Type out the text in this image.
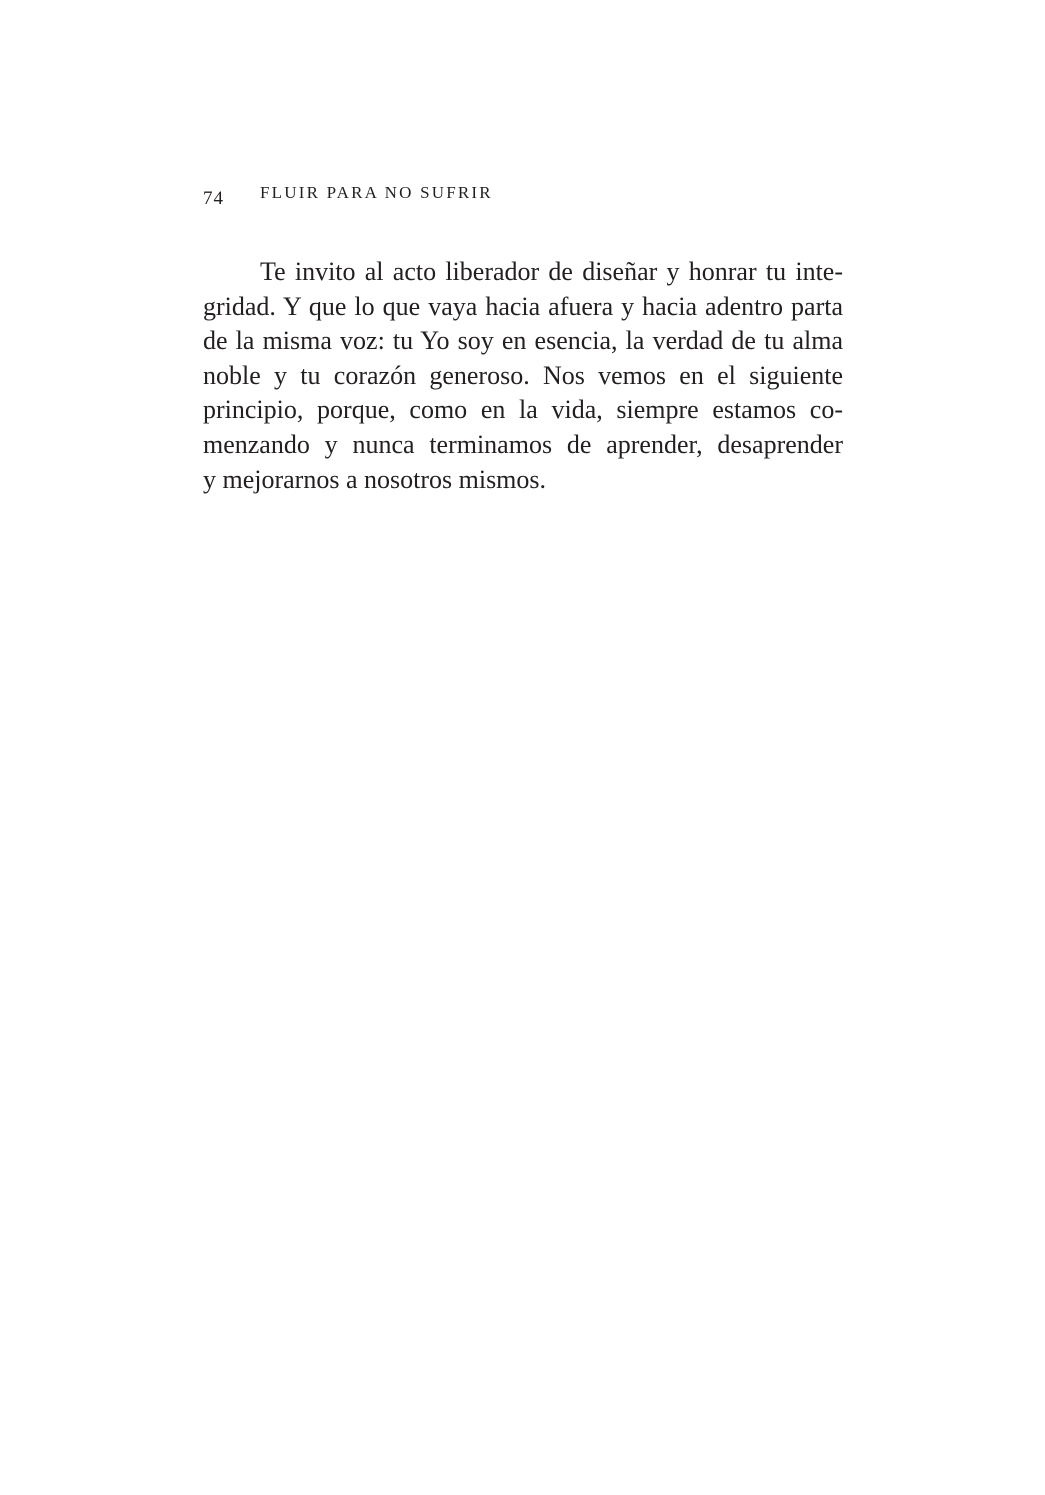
74 FLUIR PARA NO SUFRIR
Te invito al acto liberador de diseñar y honrar tu inte-
gridad. Y que lo que vaya hacia afuera y hacia adentro parta
de la misma voz: tu Yo soy en esencia, la verdad de tu alma
noble y tu corazón generoso. Nos vemos en el siguiente
principio, porque, como en la vida, siempre estamos co-
menzando y nunca terminamos de aprender, desaprender
y mejorarnos a nosotros mismos.
